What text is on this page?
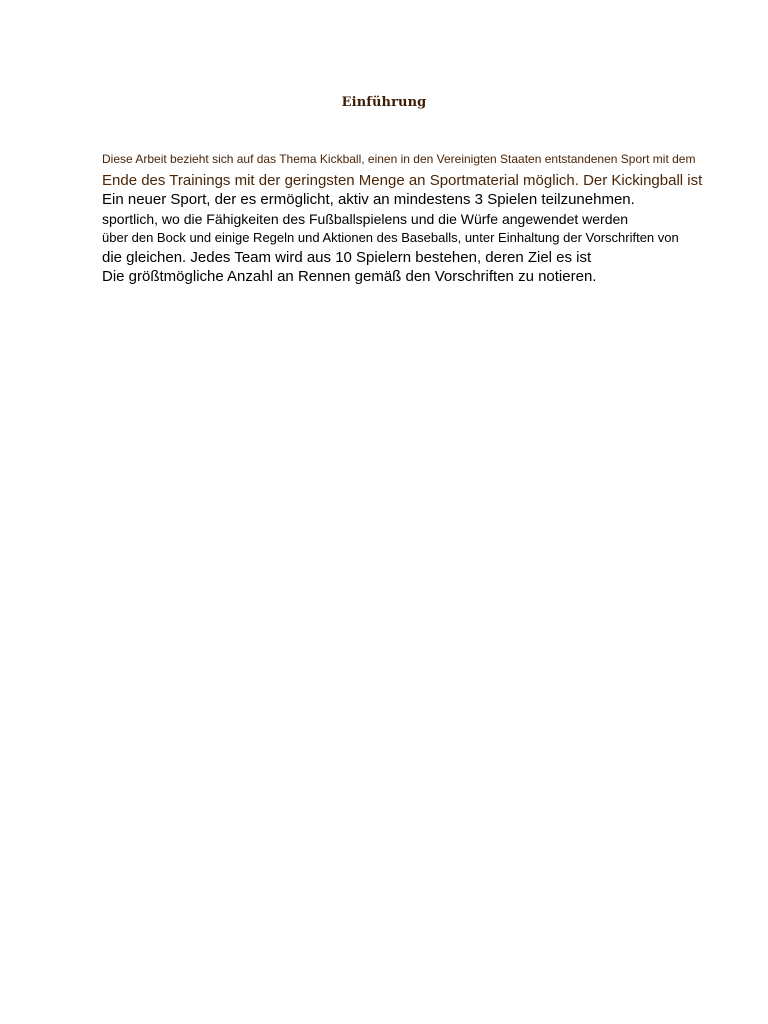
Einführung
Diese Arbeit bezieht sich auf das Thema Kickball, einen in den Vereinigten Staaten entstandenen Sport mit dem
Ende des Trainings mit der geringsten Menge an Sportmaterial möglich. Der Kickingball ist
Ein neuer Sport, der es ermöglicht, aktiv an mindestens 3 Spielen teilzunehmen.
sportlich, wo die Fähigkeiten des Fußballspielens und die Würfe angewendet werden
über den Bock und einige Regeln und Aktionen des Baseballs, unter Einhaltung der Vorschriften von
die gleichen. Jedes Team wird aus 10 Spielern bestehen, deren Ziel es ist
Die größtmögliche Anzahl an Rennen gemäß den Vorschriften zu notieren.
